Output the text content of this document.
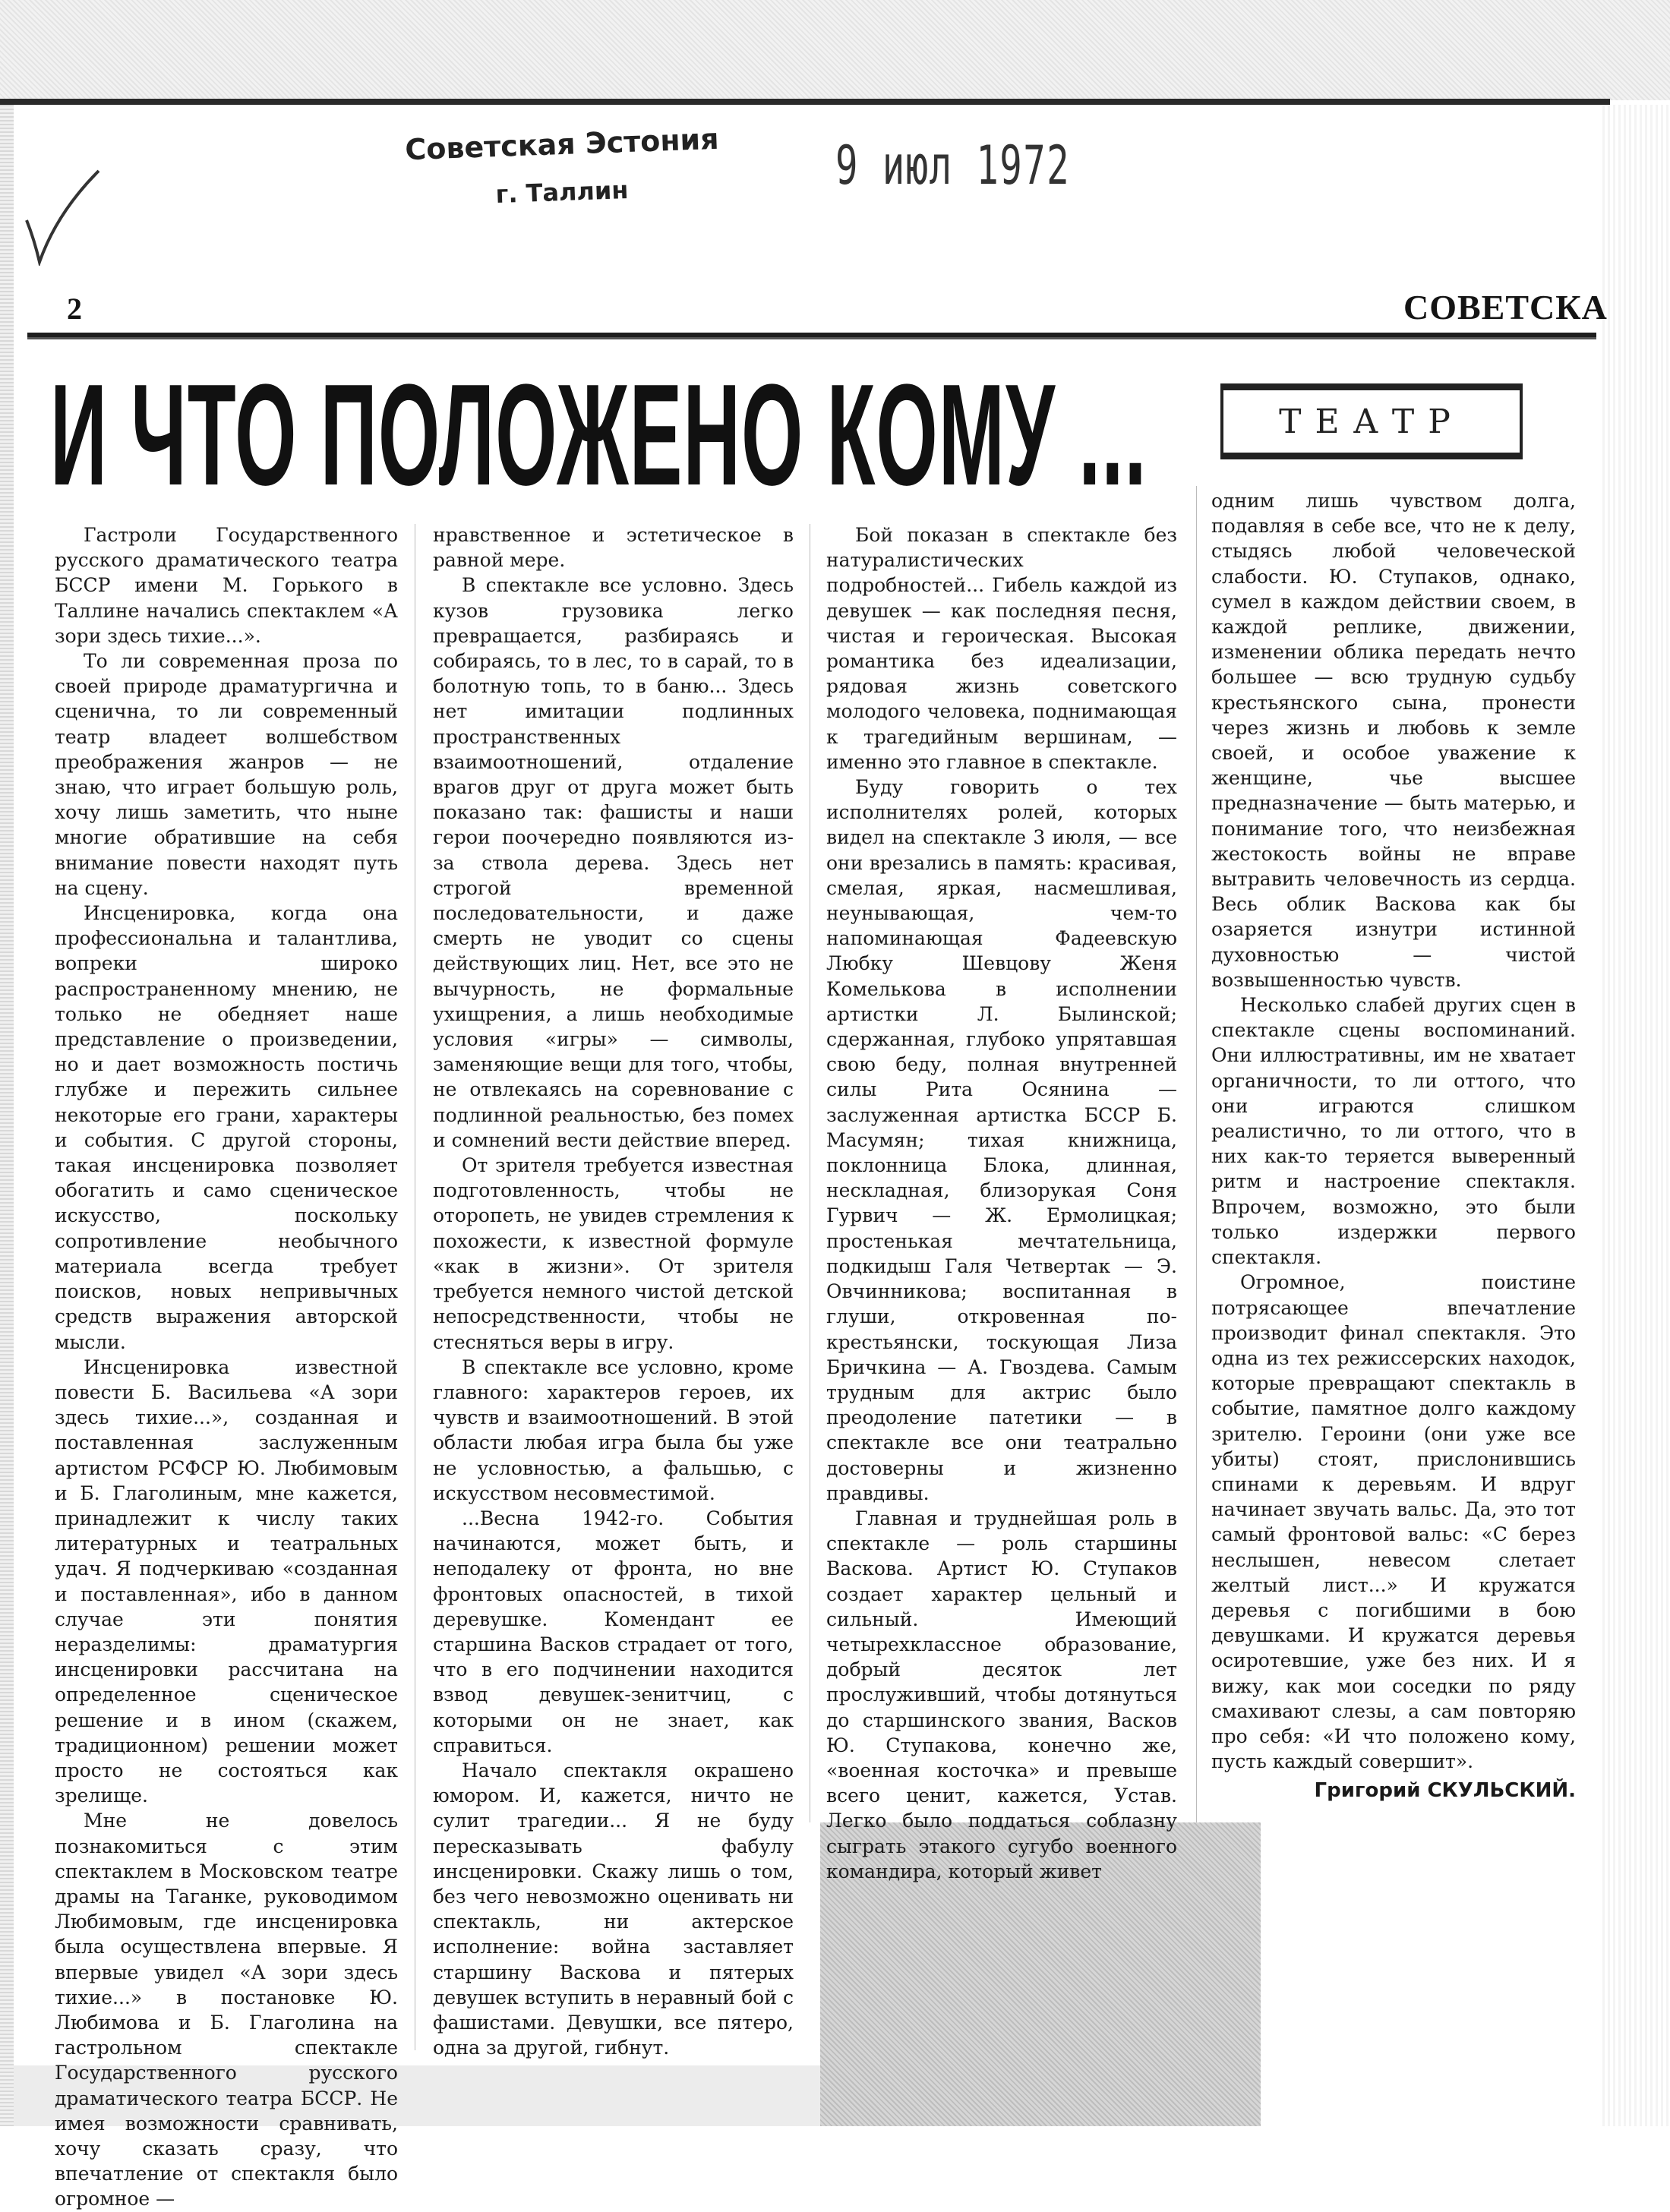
Советская Эстония
г. Таллин	9 июл 1972
2	СОВЕТСКА
И ЧТО ПОЛОЖЕНО КОМУ ...	ТЕАТР

Гастроли Государственного русского драматического театра БССР имени М. Горького в Таллине начались спектаклем «А зори здесь тихие...».

То ли современная проза по своей природе драматургична и сценична, то ли современный театр владеет волшебством преображения жанров — не знаю, что играет большую роль, хочу лишь заметить, что ныне многие обратившие на себя внимание повести находят путь на сцену.

Инсценировка, когда она профессиональна и талантлива, вопреки широко распространенному мнению, не только не обедняет наше представление о произведении, но и дает возможность постичь глубже и пережить сильнее некоторые его грани, характеры и события. С другой стороны, такая инсценировка позволяет обогатить и само сценическое искусство, поскольку сопротивление необычного материала всегда требует поисков, новых непривычных средств выражения авторской мысли.

Инсценировка известной повести Б. Васильева «А зори здесь тихие...», созданная и поставленная заслуженным артистом РСФСР Ю. Любимовым и Б. Глаголиным, мне кажется, принадлежит к числу таких литературных и театральных удач. Я подчеркиваю «созданная и поставленная», ибо в данном случае эти понятия неразделимы: драматургия инсценировки рассчитана на определенное сценическое решение и в ином (скажем, традиционном) решении может просто не состояться как зрелище.

Мне не довелось познакомиться с этим спектаклем в Московском театре драмы на Таганке, руководимом Любимовым, где инсценировка была осуществлена впервые. Я впервые увидел «А зори здесь тихие...» в постановке Ю. Любимова и Б. Глаголина на гастрольном спектакле Государственного русского драматического театра БССР. Не имея возможности сравнивать, хочу сказать сразу, что впечатление от спектакля было огромное —

нравственное и эстетическое в равной мере.

В спектакле все условно. Здесь кузов грузовика легко превращается, разбираясь и собираясь, то в лес, то в сарай, то в болотную топь, то в баню... Здесь нет имитации подлинных пространственных взаимоотношений, отдаление врагов друг от друга может быть показано так: фашисты и наши герои поочередно появляются из-за ствола дерева. Здесь нет строгой временной последовательности, и даже смерть не уводит со сцены действующих лиц. Нет, все это не вычурность, не формальные ухищрения, а лишь необходимые условия «игры» — символы, заменяющие вещи для того, чтобы, не отвлекаясь на соревнование с подлинной реальностью, без помех и сомнений вести действие вперед.

От зрителя требуется известная подготовленность, чтобы не оторопеть, не увидев стремления к похожести, к известной формуле «как в жизни». От зрителя требуется немного чистой детской непосредственности, чтобы не стесняться веры в игру.

В спектакле все условно, кроме главного: характеров героев, их чувств и взаимоотношений. В этой области любая игра была бы уже не условностью, а фальшью, с искусством несовместимой.

...Весна 1942-го. События начинаются, может быть, и неподалеку от фронта, но вне фронтовых опасностей, в тихой деревушке. Комендант ее старшина Васков страдает от того, что в его подчинении находится взвод девушек-зенитчиц, с которыми он не знает, как справиться.

Начало спектакля окрашено юмором. И, кажется, ничто не сулит трагедии... Я не буду пересказывать фабулу инсценировки. Скажу лишь о том, без чего невозможно оценивать ни спектакль, ни актерское исполнение: война заставляет старшину Васкова и пятерых девушек вступить в неравный бой с фашистами. Девушки, все пятеро, одна за другой, гибнут.

Бой показан в спектакле без натуралистических подробностей... Гибель каждой из девушек — как последняя песня, чистая и героическая. Высокая романтика без идеализации, рядовая жизнь советского молодого человека, поднимающая к трагедийным вершинам, — именно это главное в спектакле.

Буду говорить о тех исполнителях ролей, которых видел на спектакле 3 июля, — все они врезались в память: красивая, смелая, яркая, насмешливая, неунывающая, чем-то напоминающая Фадеевскую Любку Шевцову Женя Комелькова в исполнении артистки Л. Былинской; сдержанная, глубоко упрятавшая свою беду, полная внутренней силы Рита Осянина — заслуженная артистка БССР Б. Масумян; тихая книжница, поклонница Блока, длинная, нескладная, близорукая Соня Гурвич — Ж. Ермолицкая; простенькая мечтательница, подкидыш Галя Четвертак — Э. Овчинникова; воспитанная в глуши, откровенная по-крестьянски, тоскующая Лиза Бричкина — А. Гвоздева. Самым трудным для актрис было преодоление патетики — в спектакле все они театрально достоверны и жизненно правдивы.

Главная и труднейшая роль в спектакле — роль старшины Васкова. Артист Ю. Ступаков создает характер цельный и сильный. Имеющий четырехклассное образование, добрый десяток лет прослуживший, чтобы дотянуться до старшинского звания, Васков Ю. Ступакова, конечно же, «военная косточка» и превыше всего ценит, кажется, Устав. Легко было поддаться соблазну сыграть этакого сугубо военного командира, который живет

одним лишь чувством долга, подавляя в себе все, что не к делу, стыдясь любой человеческой слабости. Ю. Ступаков, однако, сумел в каждом действии своем, в каждой реплике, движении, изменении облика передать нечто большее — всю трудную судьбу крестьянского сына, пронести через жизнь и любовь к земле своей, и особое уважение к женщине, чье высшее предназначение — быть матерью, и понимание того, что неизбежная жестокость войны не вправе вытравить человечность из сердца. Весь облик Васкова как бы озаряется изнутри истинной духовностью — чистой возвышенностью чувств.

Несколько слабей других сцен в спектакле сцены воспоминаний. Они иллюстративны, им не хватает органичности, то ли оттого, что они играются слишком реалистично, то ли оттого, что в них как-то теряется выверенный ритм и настроение спектакля. Впрочем, возможно, это были только издержки первого спектакля.

Огромное, поистине потрясающее впечатление производит финал спектакля. Это одна из тех режиссерских находок, которые превращают спектакль в событие, памятное долго каждому зрителю. Героини (они уже все убиты) стоят, прислонившись спинами к деревьям. И вдруг начинает звучать вальс. Да, это тот самый фронтовой вальс: «С берез неслышен, невесом слетает желтый лист...» И кружатся деревья с погибшими в бою девушками. И кружатся деревья осиротевшие, уже без них. И я вижу, как мои соседки по ряду смахивают слезы, а сам повторяю про себя: «И что положено кому, пусть каждый совершит».

Григорий СКУЛЬСКИЙ.
